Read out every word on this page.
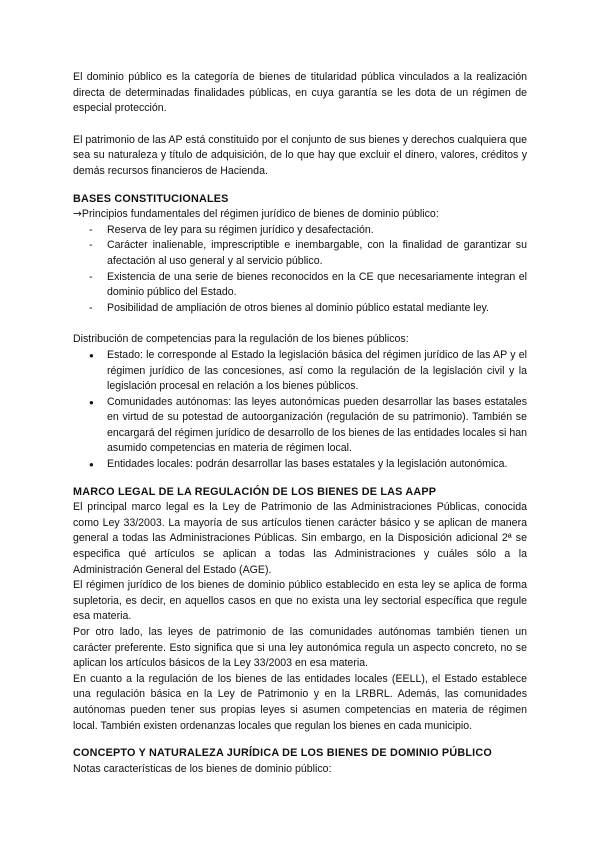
El dominio público es la categoría de bienes de titularidad pública vinculados a la realización directa de determinadas finalidades públicas, en cuya garantía se les dota de un régimen de especial protección.

El patrimonio de las AP está constituido por el conjunto de sus bienes y derechos cualquiera que sea su naturaleza y título de adquisición, de lo que hay que excluir el dinero, valores, créditos y demás recursos financieros de Hacienda.

BASES CONSTITUCIONALES

→Principios fundamentales del régimen jurídico de bienes de dominio público:

- Reserva de ley para su régimen jurídico y desafectación.
- Carácter inalienable, imprescriptible e inembargable, con la finalidad de garantizar su afectación al uso general y al servicio público.
- Existencia de una serie de bienes reconocidos en la CE que necesariamente integran el dominio público del Estado.
- Posibilidad de ampliación de otros bienes al dominio público estatal mediante ley.

Distribución de competencias para la regulación de los bienes públicos:

● Estado: le corresponde al Estado la legislación básica del régimen jurídico de las AP y el régimen jurídico de las concesiones, así como la regulación de la legislación civil y la legislación procesal en relación a los bienes públicos.
● Comunidades autónomas: las leyes autonómicas pueden desarrollar las bases estatales en virtud de su potestad de autoorganización (regulación de su patrimonio). También se encargará del régimen jurídico de desarrollo de los bienes de las entidades locales si han asumido competencias en materia de régimen local.
● Entidades locales: podrán desarrollar las bases estatales y la legislación autonómica.
MARCO LEGAL DE LA REGULACIÓN DE LOS BIENES DE LAS AAPP

El principal marco legal es la Ley de Patrimonio de las Administraciones Públicas, conocida como Ley 33/2003. La mayoría de sus artículos tienen carácter básico y se aplican de manera general a todas las Administraciones Públicas. Sin embargo, en la Disposición adicional 2ª se especifica qué artículos se aplican a todas las Administraciones y cuáles sólo a la Administración General del Estado (AGE).

El régimen jurídico de los bienes de dominio público establecido en esta ley se aplica de forma supletoria, es decir, en aquellos casos en que no exista una ley sectorial específica que regule esa materia.

Por otro lado, las leyes de patrimonio de las comunidades autónomas también tienen un carácter preferente. Esto significa que si una ley autonómica regula un aspecto concreto, no se aplican los artículos básicos de la Ley 33/2003 en esa materia.

En cuanto a la regulación de los bienes de las entidades locales (EELL), el Estado establece una regulación básica en la Ley de Patrimonio y en la LRBRL. Además, las comunidades autónomas pueden tener sus propias leyes si asumen competencias en materia de régimen local. También existen ordenanzas locales que regulan los bienes en cada municipio.

CONCEPTO Y NATURALEZA JURÍDICA DE LOS BIENES DE DOMINIO PÚBLICO

Notas características de los bienes de dominio público:
